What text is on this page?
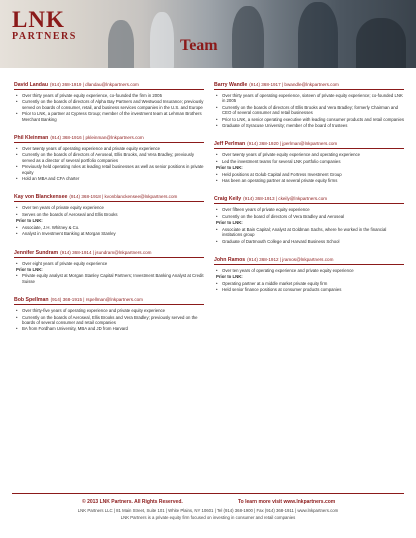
LNK
PARTNERS
Team
David Landau (914) 368-1919 | dlandau@lnkpartners.com
• Over thirty years of private equity experience, co-founded the firm in 2005
• Currently on the boards of directors of Alpha Bay Partners and Westwood Insurance; previously served on boards of consumer, retail, and business services companies in the U.S. and Europe
• Prior to LNK, a partner at Cypress Group; member of the investment team at Lehman Brothers Merchant Banking
Phil Kleinman (914) 368-1916 | pkleinman@lnkpartners.com
• Over twenty years of operating experience and private equity experience
• Currently on the boards of directors of Aeroseal, Ellis Brooks, and Vera Bradley; previously served as a director of several portfolio companies
• Previously held operating roles at leading retail businesses as well as senior positions in private equity
• Hold an MBA and CFA charter
Kay von Blanckensee (914) 368-1918 | kvonblanckensee@lnkpartners.com
• Over ten years of private equity experience
• Serves on the boards of Aeroseal and Ellis Brooks
Prior to LNK:
• Associate, J.H. Whitney & Co.
• Analyst in Investment Banking at Morgan Stanley
Jennifer Sundram (914) 368-1914 | jsundram@lnkpartners.com
• Over eight years of private equity experience
Prior to LNK:
• Private equity analyst at Morgan Stanley Capital Partners; Investment Banking Analyst at Credit Suisse
Bob Spellman (914) 368-1915 | rspellman@lnkpartners.com
• Over thirty-five years of operating experience and private equity experience
• Currently on the boards of Aeroseal, Ellis Brooks and Vera Bradley; previously served on the boards of several consumer and retail companies
• BA from Fordham University, MBA and JD from Harvard
Barry Wandle (914) 368-1917 | bwandle@lnkpartners.com
• Over thirty years of operating experience, sixteen of private equity experience; co-founded LNK in 2005
• Currently on the boards of directors of Ellis Brooks and Vera Bradley; formerly Chairman and CEO of several consumer and retail businesses
• Prior to LNK, a senior operating executive with leading consumer products and retail companies
• Graduate of Syracuse University; member of the board of trustees
Jeff Perlman (914) 368-1920 | jperlman@lnkpartners.com
• Over twenty years of private equity experience and operating experience
• Led the investment teams for several LNK portfolio companies
Prior to LNK:
• Held positions at Golub Capital and Fortress Investment Group
• Has been an operating partner at several private equity firms
Craig Keily (914) 368-1913 | ckeily@lnkpartners.com
• Over fifteen years of private equity experience
• Currently on the board of directors of Vera Bradley and Aeroseal
Prior to LNK:
• Associate at Bain Capital; Analyst at Goldman Sachs, where he worked in the financial institutions group
• Graduate of Dartmouth College and Harvard Business School
John Ramos (914) 368-1912 | jramos@lnkpartners.com
• Over ten years of operating experience and private equity experience
Prior to LNK:
• Operating partner at a middle market private equity firm
• Held senior finance positions at consumer products companies
© 2013 LNK Partners. All Rights Reserved.	To learn more visit www.lnkpartners.com
LNK Partners LLC | 81 Main Street, Suite 101 | White Plains, NY 10601 | Tel (914) 368-1900 | Fax (914) 368-1911 | www.lnkpartners.com
LNK Partners is a private equity firm focused on investing in consumer and retail companies
